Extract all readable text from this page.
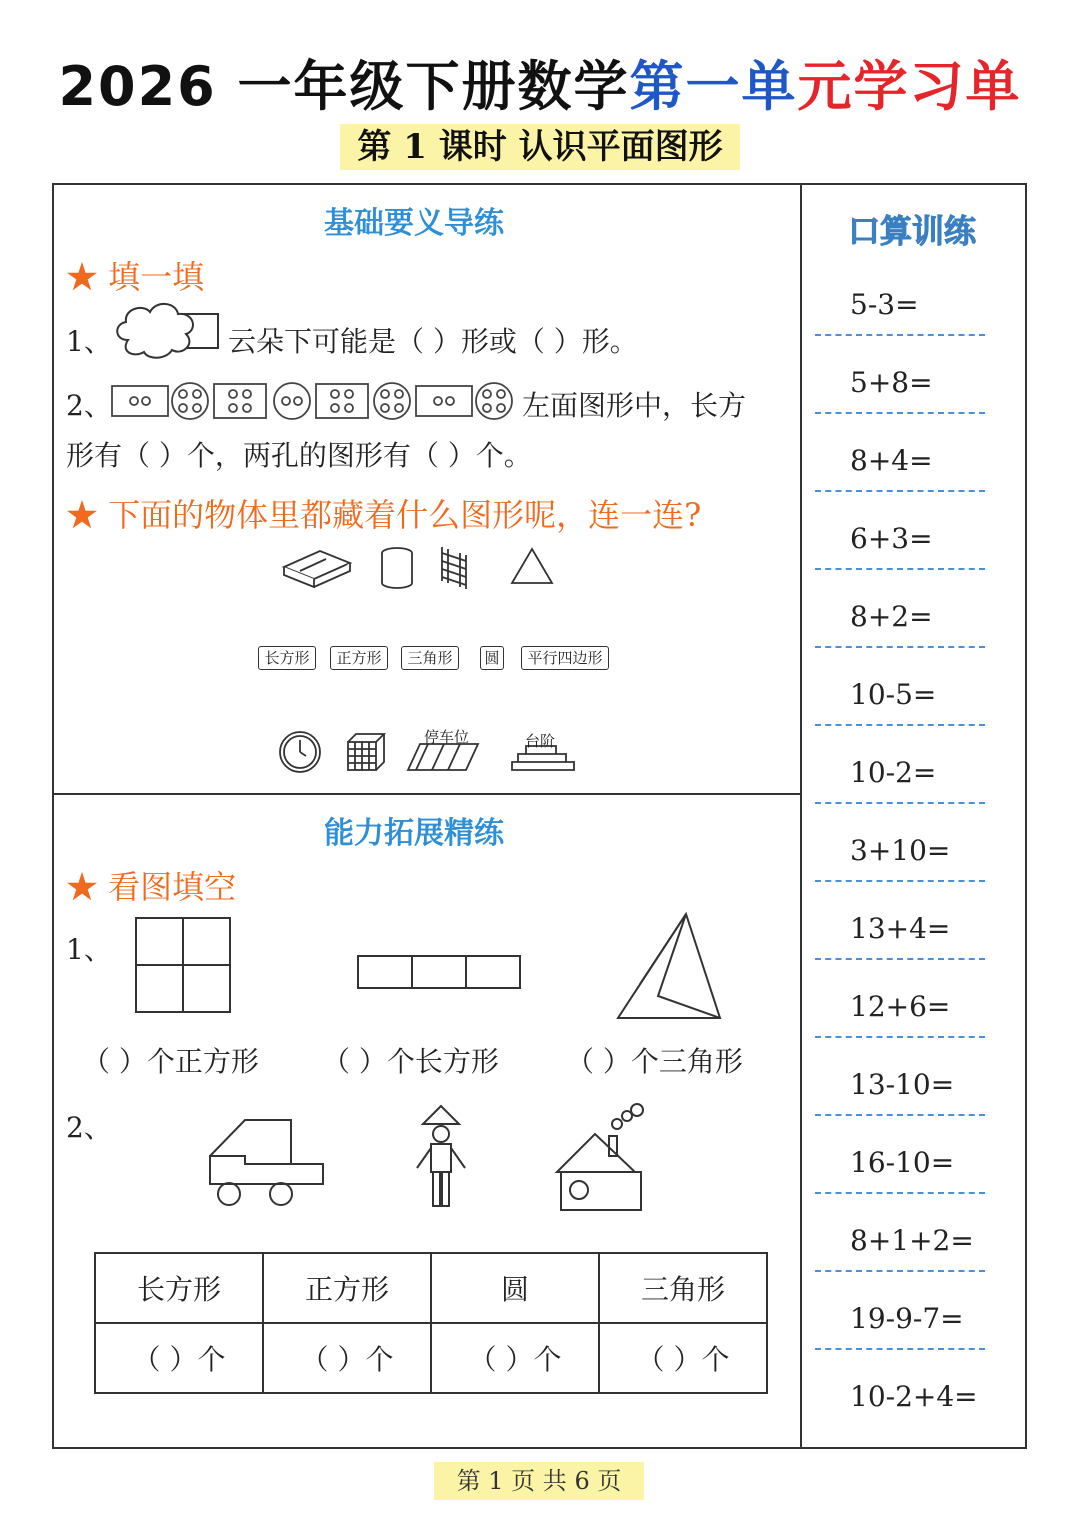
2026 一年级下册数学第一单元学习单
第 1 课时 认识平面图形
基础要义导练
★ 填一填
1、	云朵下可能是（ ）形或（ ）形。
2、	左面图形中，长方
形有（ ）个，两孔的图形有（ ）个。
★ 下面的物体里都藏着什么图形呢，连一连?
长方形	正方形	三角形	圆	平行四边形
停车位	台阶
能力拓展精练
★ 看图填空
1、
（ ）个正方形 （ ）个长方形 （ ）个三角形
2、
长方形	正方形	圆	三角形
（ ）个	（ ）个	（ ）个	（ ）个
口算训练
5-3=
5+8=
8+4=
6+3=
8+2=
10-5=
10-2=
3+10=
13+4=
12+6=
13-10=
16-10=
8+1+2=
19-9-7=
10-2+4=
第 1 页 共 6 页
